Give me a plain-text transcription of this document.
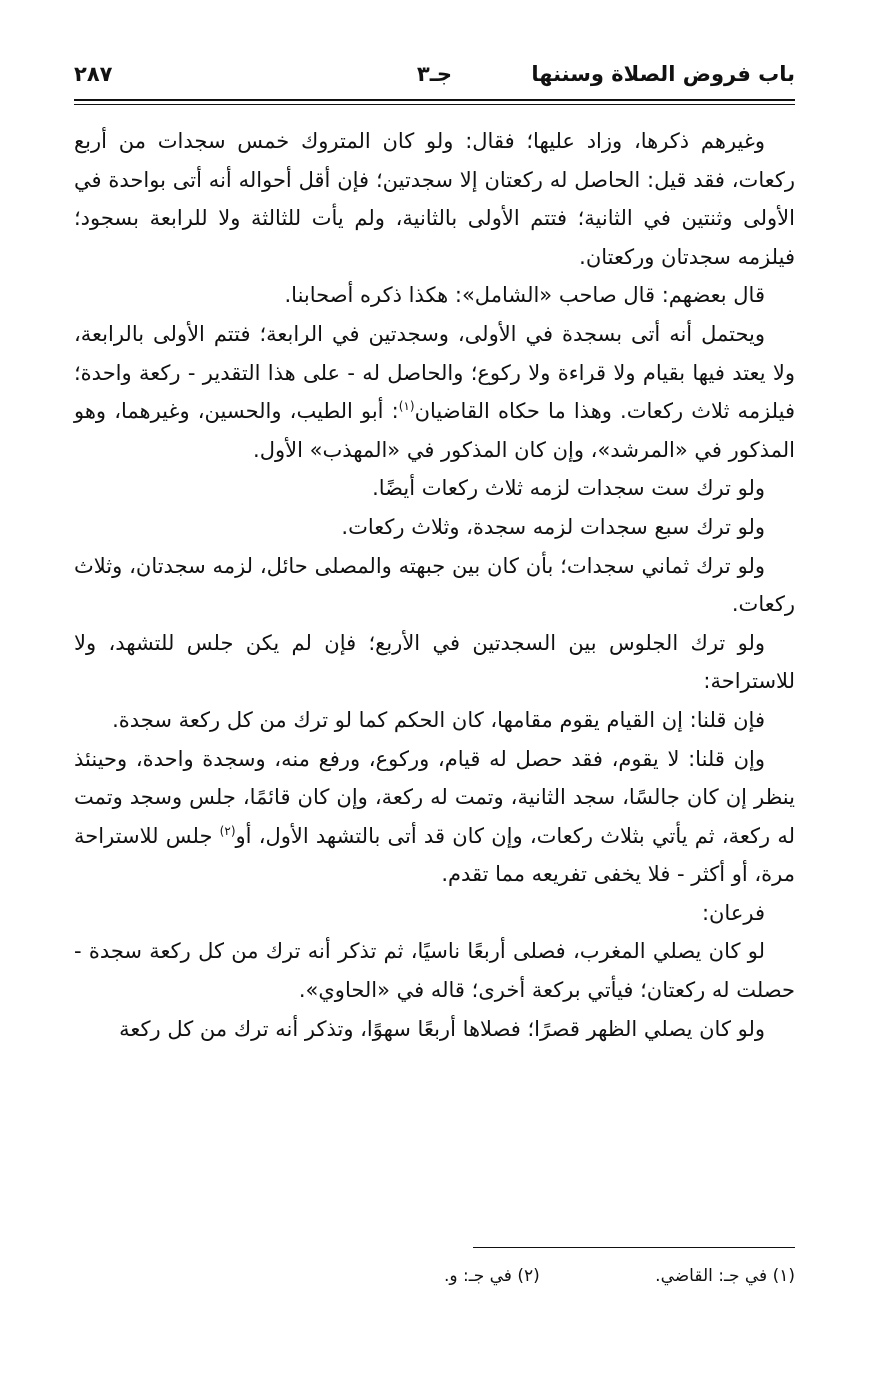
باب فروض الصلاة وسننها
جـ٣
٢٨٧

وغيرهم ذكرها، وزاد عليها؛ فقال: ولو كان المتروك خمس سجدات من أربع ركعات، فقد قيل: الحاصل له ركعتان إلا سجدتين؛ فإن أقل أحواله أنه أتى بواحدة في الأولى وثنتين في الثانية؛ فتتم الأولى بالثانية، ولم يأت للثالثة ولا للرابعة بسجود؛ فيلزمه سجدتان وركعتان.

قال بعضهم: قال صاحب «الشامل»: هكذا ذكره أصحابنا.

ويحتمل أنه أتى بسجدة في الأولى، وسجدتين في الرابعة؛ فتتم الأولى بالرابعة، ولا يعتد فيها بقيام ولا قراءة ولا ركوع؛ والحاصل له - على هذا التقدير - ركعة واحدة؛ فيلزمه ثلاث ركعات. وهذا ما حكاه القاضيان$^{(١)}$: أبو الطيب، والحسين، وغيرهما، وهو المذكور في «المرشد»، وإن كان المذكور في «المهذب» الأول.

ولو ترك ست سجدات لزمه ثلاث ركعات أيضًا.

ولو ترك سبع سجدات لزمه سجدة، وثلاث ركعات.

ولو ترك ثماني سجدات؛ بأن كان بين جبهته والمصلى حائل، لزمه سجدتان، وثلاث ركعات.

ولو ترك الجلوس بين السجدتين في الأربع؛ فإن لم يكن جلس للتشهد، ولا للاستراحة:

فإن قلنا: إن القيام يقوم مقامها، كان الحكم كما لو ترك من كل ركعة سجدة.

وإن قلنا: لا يقوم، فقد حصل له قيام، وركوع، ورفع منه، وسجدة واحدة، وحينئذ ينظر إن كان جالسًا، سجد الثانية، وتمت له ركعة، وإن كان قائمًا، جلس وسجد وتمت له ركعة، ثم يأتي بثلاث ركعات، وإن كان قد أتى بالتشهد الأول، أو$^{(٢)}$ جلس للاستراحة مرة، أو أكثر - فلا يخفى تفريعه مما تقدم.

فرعان:

لو كان يصلي المغرب، فصلى أربعًا ناسيًا، ثم تذكر أنه ترك من كل ركعة سجدة - حصلت له ركعتان؛ فيأتي بركعة أخرى؛ قاله في «الحاوي».

ولو كان يصلي الظهر قصرًا؛ فصلاها أربعًا سهوًا، وتذكر أنه ترك من كل ركعة

(١) في جـ: القاضي. (٢) في جـ: و.
